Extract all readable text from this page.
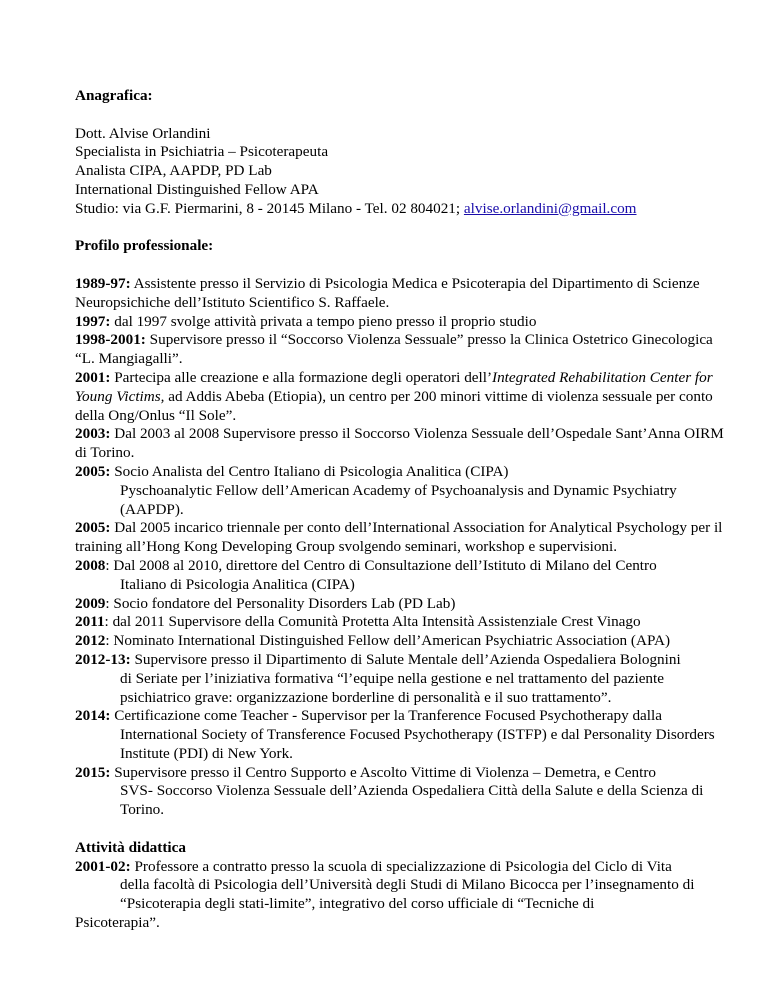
Anagrafica:

Dott. Alvise Orlandini

Specialista in Psichiatria – Psicoterapeuta

Analista CIPA, AAPDP, PD Lab

International Distinguished Fellow APA

Studio: via G.F. Piermarini, 8 - 20145 Milano - Tel. 02 804021; alvise.orlandini@gmail.com

Profilo professionale:

1989-97: Assistente presso il Servizio di Psicologia Medica e Psicoterapia del Dipartimento di Scienze Neuropsichiche dell’Istituto Scientifico S. Raffaele.

1997: dal 1997 svolge attività privata a tempo pieno presso il proprio studio

1998-2001: Supervisore presso il “Soccorso Violenza Sessuale” presso la Clinica Ostetrico Ginecologica “L. Mangiagalli”.

2001: Partecipa alle creazione e alla formazione degli operatori dell’Integrated Rehabilitation Center for Young Victims, ad Addis Abeba (Etiopia), un centro per 200 minori vittime di violenza sessuale per conto della Ong/Onlus “Il Sole”.

2003: Dal 2003 al 2008 Supervisore presso il Soccorso Violenza Sessuale dell’Ospedale Sant’Anna OIRM di Torino.

2005: Socio Analista del Centro Italiano di Psicologia Analitica (CIPA)
Pyschoanalytic Fellow dell’American Academy of Psychoanalysis and Dynamic Psychiatry (AAPDP).

2005: Dal 2005 incarico triennale per conto dell’International Association for Analytical Psychology per il training all’Hong Kong Developing Group svolgendo seminari, workshop e supervisioni.

2008: Dal 2008 al 2010, direttore del Centro di Consultazione dell’Istituto di Milano del Centro
Italiano di Psicologia Analitica (CIPA)

2009: Socio fondatore del Personality Disorders Lab (PD Lab)

2011: dal 2011 Supervisore della Comunità Protetta Alta Intensità Assistenziale Crest Vinago

2012: Nominato International Distinguished Fellow dell’American Psychiatric Association (APA)

2012-13: Supervisore presso il Dipartimento di Salute Mentale dell’Azienda Ospedaliera Bolognini
di Seriate per l’iniziativa formativa “l’equipe nella gestione e nel trattamento del paziente psichiatrico grave: organizzazione borderline di personalità e il suo trattamento”.

2014: Certificazione come Teacher - Supervisor per la Tranference Focused Psychotherapy dalla
International Society of Transference Focused Psychotherapy (ISTFP) e dal Personality Disorders Institute (PDI) di New York.

2015: Supervisore presso il Centro Supporto e Ascolto Vittime di Violenza – Demetra, e Centro
SVS- Soccorso Violenza Sessuale dell’Azienda Ospedaliera Città della Salute e della Scienza di Torino.

Attività didattica

2001-02: Professore a contratto presso la scuola di specializzazione di Psicologia del Ciclo di Vita
della facoltà di Psicologia dell’Università degli Studi di Milano Bicocca per l’insegnamento di “Psicoterapia degli stati-limite”, integrativo del corso ufficiale di “Tecniche di
Psicoterapia”.
